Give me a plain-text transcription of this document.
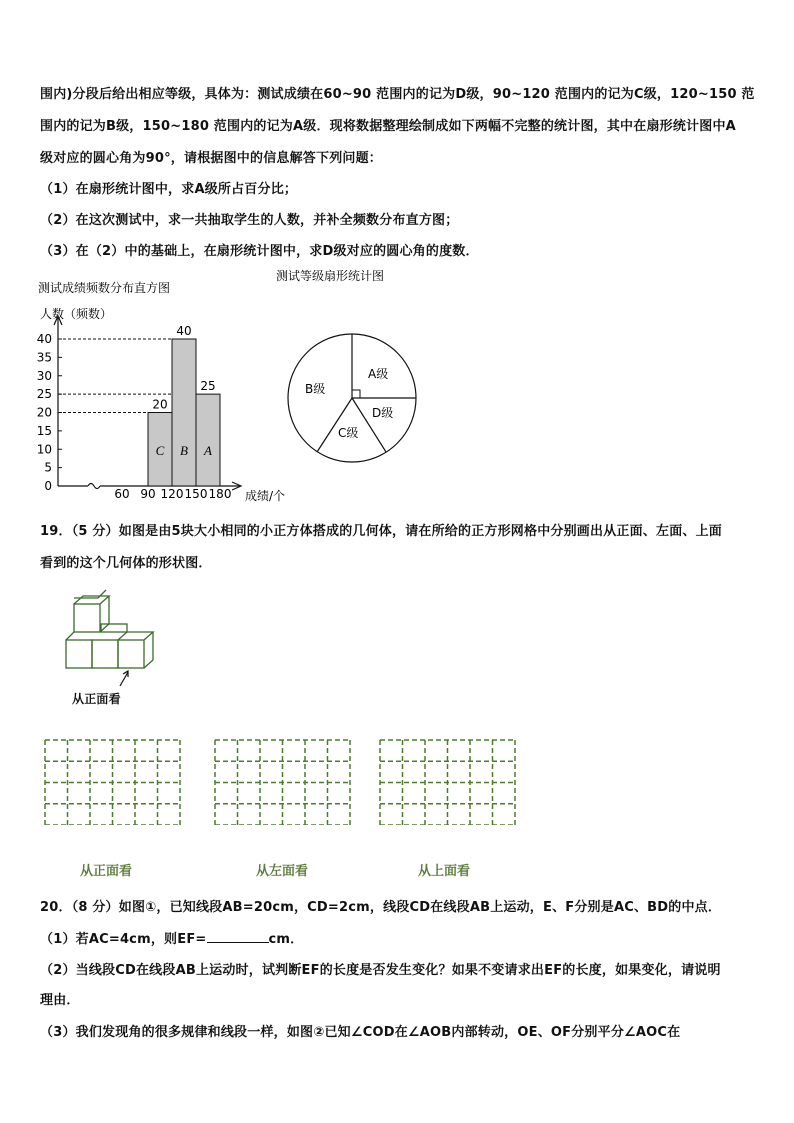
围内)分段后给出相应等级，具体为：测试成绩在60~90 范围内的记为D级，90~120 范围内的记为C级，120~150 范
围内的记为B级，150~180 范围内的记为A级．现将数据整理绘制成如下两幅不完整的统计图，其中在扇形统计图中A
级对应的圆心角为90°，请根据图中的信息解答下列问题：
（1）在扇形统计图中，求A级所占百分比；
（2）在这次测试中，求一共抽取学生的人数，并补全频数分布直方图；
（3）在（2）中的基础上，在扇形统计图中，求D级对应的圆心角的度数．
测试成绩频数分布直方图
人数（频数）
成绩/个
0
5
10
15
20
25
30
35
40
60 90 120 150 180
C
20
B
40
A
25
测试等级扇形统计图
A级
D级
C级
B级
19．（5 分）如图是由5块大小相同的小正方体搭成的几何体，请在所给的正方形网格中分别画出从正面、左面、上面
看到的这个几何体的形状图．
从正面看
从正面看	从左面看	从上面看
20．（8 分）如图①，已知线段AB=20cm，CD=2cm，线段CD在线段AB上运动，E、F分别是AC、BD的中点．
（1）若AC=4cm，则EF=	cm．
（2）当线段CD在线段AB上运动时，试判断EF的长度是否发生变化？如果不变请求出EF的长度，如果变化，请说明
理由．
（3）我们发现角的很多规律和线段一样，如图②已知∠COD在∠AOB内部转动，OE、OF分别平分∠AOC在
